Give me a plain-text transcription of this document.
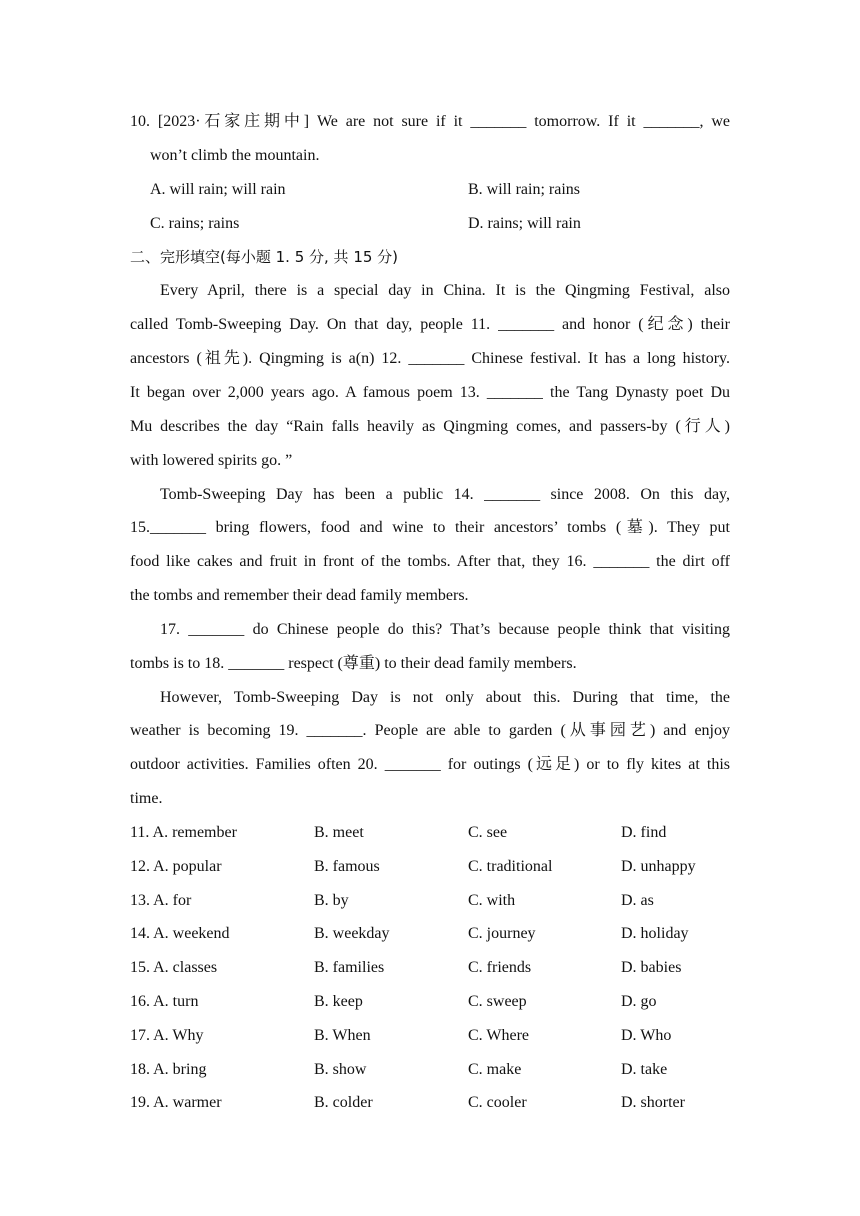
10. [2023·石家庄期中] We are not sure if it _______ tomorrow. If it _______, we
won’t climb the mountain.
A. will rain; will rain	B. will rain; rains
C. rains; rains	D. rains; will rain
二、完形填空(每小题 1. 5 分, 共 15 分)
Every April, there is a special day in China. It is the Qingming Festival, also
called Tomb-Sweeping Day. On that day, people 11. _______ and honor (纪念) their
ancestors (祖先). Qingming is a(n) 12. _______ Chinese festival. It has a long history.
It began over 2,000 years ago. A famous poem 13. _______ the Tang Dynasty poet Du
Mu describes the day “Rain falls heavily as Qingming comes, and passers-by (行人)
with lowered spirits go. ”
Tomb-Sweeping Day has been a public 14. _______ since 2008. On this day,
15._______ bring flowers, food and wine to their ancestors’ tombs (墓). They put
food like cakes and fruit in front of the tombs. After that, they 16. _______ the dirt off
the tombs and remember their dead family members.
17. _______ do Chinese people do this? That’s because people think that visiting
tombs is to 18. _______ respect (尊重) to their dead family members.
However, Tomb-Sweeping Day is not only about this. During that time, the
weather is becoming 19. _______. People are able to garden (从事园艺) and enjoy
outdoor activities. Families often 20. _______ for outings (远足) or to fly kites at this
time.
11. A. remember	B. meet	C. see	D. find
12. A. popular	B. famous	C. traditional	D. unhappy
13. A. for	B. by	C. with	D. as
14. A. weekend	B. weekday	C. journey	D. holiday
15. A. classes	B. families	C. friends	D. babies
16. A. turn	B. keep	C. sweep	D. go
17. A. Why	B. When	C. Where	D. Who
18. A. bring	B. show	C. make	D. take
19. A. warmer	B. colder	C. cooler	D. shorter
